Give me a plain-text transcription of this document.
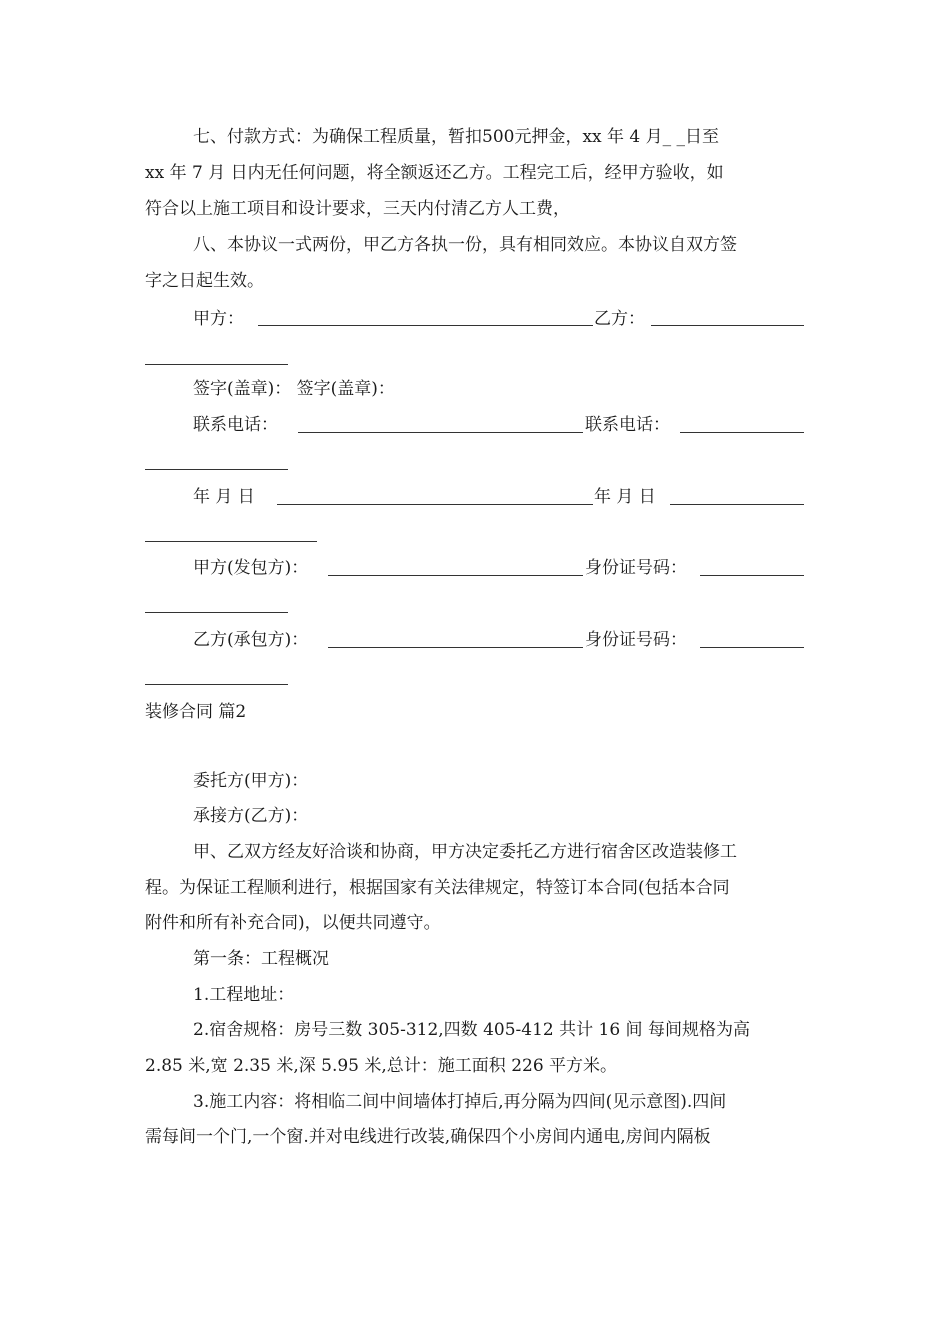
七、付款方式：为确保工程质量，暂扣500元押金，xx 年 4 月_ _日至
xx 年 7 月 日内无任何问题，将全额返还乙方。工程完工后，经甲方验收，如
符合以上施工项目和设计要求，三天内付清乙方人工费，
八、本协议一式两份，甲乙方各执一份，具有相同效应。本协议自双方签
字之日起生效。
甲方：	乙方：
签字(盖章)： 签字(盖章)：
联系电话：	联系电话：
年 月 日	年 月 日
甲方(发包方)：	身份证号码：
乙方(承包方)：	身份证号码：
装修合同 篇2
委托方(甲方)：
承接方(乙方)：
甲、乙双方经友好洽谈和协商，甲方决定委托乙方进行宿舍区改造装修工
程。为保证工程顺利进行，根据国家有关法律规定，特签订本合同(包括本合同
附件和所有补充合同)，以便共同遵守。
第一条：工程概况
1.工程地址：
2.宿舍规格：房号三数 305-312,四数 405-412 共计 16 间 每间规格为高
2.85 米,宽 2.35 米,深 5.95 米,总计：施工面积 226 平方米。
3.施工内容：将相临二间中间墙体打掉后,再分隔为四间(见示意图).四间
需每间一个门,一个窗.并对电线进行改装,确保四个小房间内通电,房间内隔板
